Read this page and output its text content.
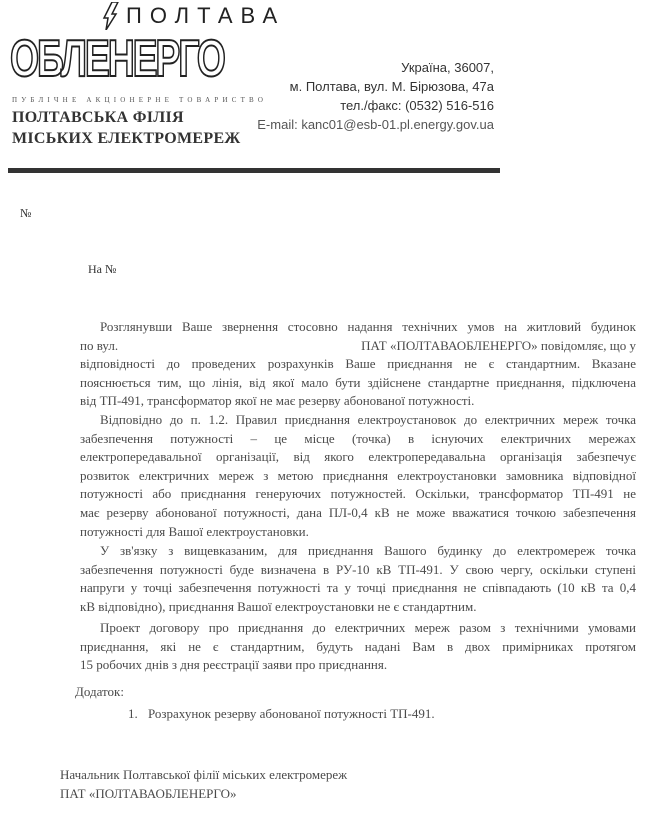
ПОЛТАВА
ОБЛЕНЕРГО
ПУБЛІЧНЕ АКЦІОНЕРНЕ ТОВАРИСТВО
ПОЛТАВСЬКА ФІЛІЯ
МІСЬКИХ ЕЛЕКТРОМЕРЕЖ
Україна, 36007,
м. Полтава, вул. М. Бірюзова, 47а
тел./факс: (0532) 516-516
E-mail: kanc01@esb-01.pl.energy.gov.ua
№
На №
Розглянувши Ваше звернення стосовно надання технічних умов на житловий будинок
по вул.	ПАТ «ПОЛТАВАОБЛЕНЕРГО» повідомляє, що у
відповідності до проведених розрахунків Ваше приєднання не є стандартним. Вказане
пояснюється тим, що лінія, від якої мало бути здійснене стандартне приєднання, підключена
від ТП-491, трансформатор якої не має резерву абонованої потужності.
Відповідно до п. 1.2. Правил приєднання електроустановок до електричних мереж точка
забезпечення потужності – це місце (точка) в існуючих електричних мережах
електропередавальної організації, від якого електропередавальна організація забезпечує
розвиток електричних мереж з метою приєднання електроустановки замовника відповідної
потужності або приєднання генеруючих потужностей. Оскільки, трансформатор ТП-491 не
має резерву абонованої потужності, дана ПЛ-0,4 кВ не може вважатися точкою забезпечення
потужності для Вашої електроустановки.
У зв'язку з вищевказаним, для приєднання Вашого будинку до електромереж точка
забезпечення потужності буде визначена в РУ-10 кВ ТП-491. У свою чергу, оскільки ступені
напруги у точці забезпечення потужності та у точці приєднання не співпадають (10 кВ та 0,4
кВ відповідно), приєднання Вашої електроустановки не є стандартним.
Проект договору про приєднання до електричних мереж разом з технічними умовами
приєднання, які не є стандартним, будуть надані Вам в двох примірниках протягом
15 робочих днів з дня реєстрації заяви про приєднання.
Додаток:
1. Розрахунок резерву абонованої потужності ТП-491.
Начальник Полтавської філії міських електромереж
ПАТ «ПОЛТАВАОБЛЕНЕРГО»
